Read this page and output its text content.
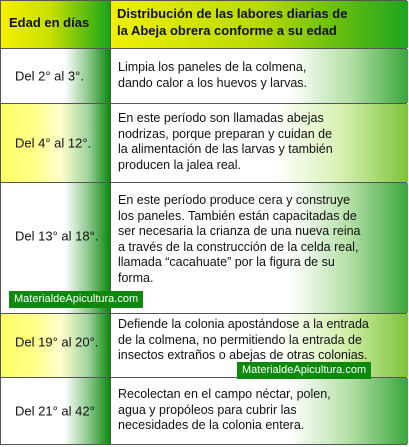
Edad en días
Distribución de las labores diarias de
la Abeja obrera conforme a su edad
Del 2° al 3°.

Limpia los paneles de la colmena,

dando calor a los huevos y larvas.

Del 4° al 12°.

En este período son llamadas abejas

nodrizas, porque preparan y cuidan de

la alimentación de las larvas y también

producen la jalea real.

Del 13° al 18°.

En este período produce cera y construye

los paneles. También están capacitadas de

ser necesaria la crianza de una nueva reina

a través de la construcción de la celda real,

llamada “cacahuate” por la figura de su

forma.

Del 19° al 20°.

Defiende la colonia apostándose a la entrada

de la colmena, no permitiendo la entrada de

insectos extraños o abejas de otras colonias.

Del 21° al 42°

Recolectan en el campo néctar, polen,

agua y propóleos para cubrir las

necesidades de la colonia entera.

MaterialdeApicultura.com
MaterialdeApicultura.com
